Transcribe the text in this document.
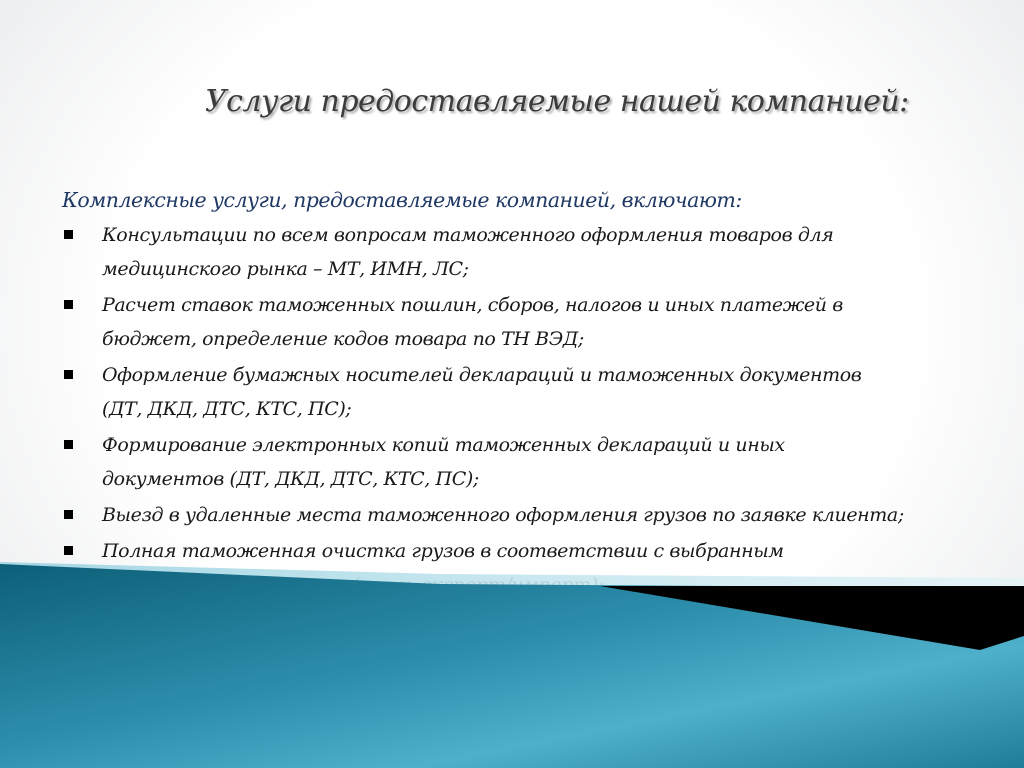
Услуги предоставляемые нашей компанией:

Комплексные услуги, предоставляемые компанией, включают:

Консультации по всем вопросам таможенного оформления товаров для
медицинского рынка – МТ, ИМН, ЛС;
Расчет ставок таможенных пошлин, сборов, налогов и иных платежей в
бюджет, определение кодов товара по ТН ВЭД;
Оформление бумажных носителей деклараций и таможенных документов
(ДТ, ДКД, ДТС, КТС, ПС);
Формирование электронных копий таможенных деклараций и иных
документов (ДТ, ДКД, ДТС, КТС, ПС);
Выезд в удаленные места таможенного оформления грузов по заявке клиента;
Полная таможенная очистка грузов в соответствии с выбранным
